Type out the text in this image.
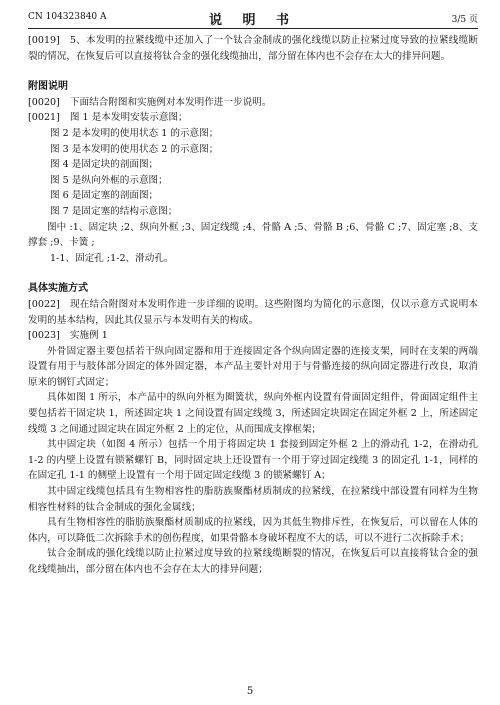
CN 104323840 A	说 明 书	3/5 页

[0019] 5、本发明的拉紧线缆中还加入了一个钛合金制成的强化线缆以防止拉紧过度导致的拉紧线缆断裂的情况，在恢复后可以直接将钛合金的强化线缆抽出，部分留在体内也不会存在太大的排异问题。

附图说明

[0020] 下面结合附图和实施例对本发明作进一步说明。

[0021] 图 1 是本发明安装示意图；

图 2 是本发明的使用状态 1 的示意图；

图 3 是本发明的使用状态 2 的示意图；

图 4 是固定块的剖面图；

图 5 是纵向外框的示意图；

图 6 是固定塞的剖面图；

图 7 是固定塞的结构示意图；

图中 :1、固定块 ;2、纵向外框 ;3、固定线缆 ;4、骨骼 A ;5、骨骼 B ;6、骨骼 C ;7、固定塞 ;8、支撑套 ;9、卡簧 ;

1-1、固定孔 ;1-2、滑动孔。

具体实施方式

[0022] 现在结合附图对本发明作进一步详细的说明。这些附图均为简化的示意图，仅以示意方式说明本发明的基本结构，因此其仅显示与本发明有关的构成。

[0023] 实施例 1

外骨固定器主要包括若干纵向固定器和用于连接固定各个纵向固定器的连接支架，同时在支架的两端设置有用于与肢体部分固定的体外固定器，本产品主要针对用于与骨骼连接的纵向固定器进行改良，取消原来的钢钉式固定；

具体如图 1 所示，本产品中的纵向外框为圈簧状，纵向外框内设置有骨面固定组件，骨面固定组件主要包括若干固定块 1，所述固定块 1 之间设置有固定线缆 3，所述固定块固定在固定外框 2 上，所述固定线缆 3 之间通过固定块在固定外框 2 上的定位，从而围成支撑框架；

其中固定块（如图 4 所示）包括一个用于将固定块 1 套接到固定外框 2 上的滑动孔 1-2，在滑动孔 1-2 的内壁上设置有锁紧螺钉 B，同时固定块上还设置有一个用于穿过固定线缆 3 的固定孔 1-1，同样的在固定孔 1-1 的侧壁上设置有一个用于固定固定线缆 3 的锁紧螺钉 A；

其中固定线缆包括具有生物相容性的脂肪族聚酯材质制成的拉紧线，在拉紧线中部设置有同样为生物相容性材料的钛合金制成的强化金属线；

具有生物相容性的脂肪族聚酯材质制成的拉紧线，因为其低生物排斥性，在恢复后，可以留在人体的体内，可以降低二次拆除手术的创伤程度，如果骨骼本身破坏程度不大的话，可以不进行二次拆除手术；

钛合金制成的强化线缆以防止拉紧过度导致的拉紧线缆断裂的情况，在恢复后可以直接将钛合金的强化线缆抽出，部分留在体内也不会存在太大的排异问题；

5
